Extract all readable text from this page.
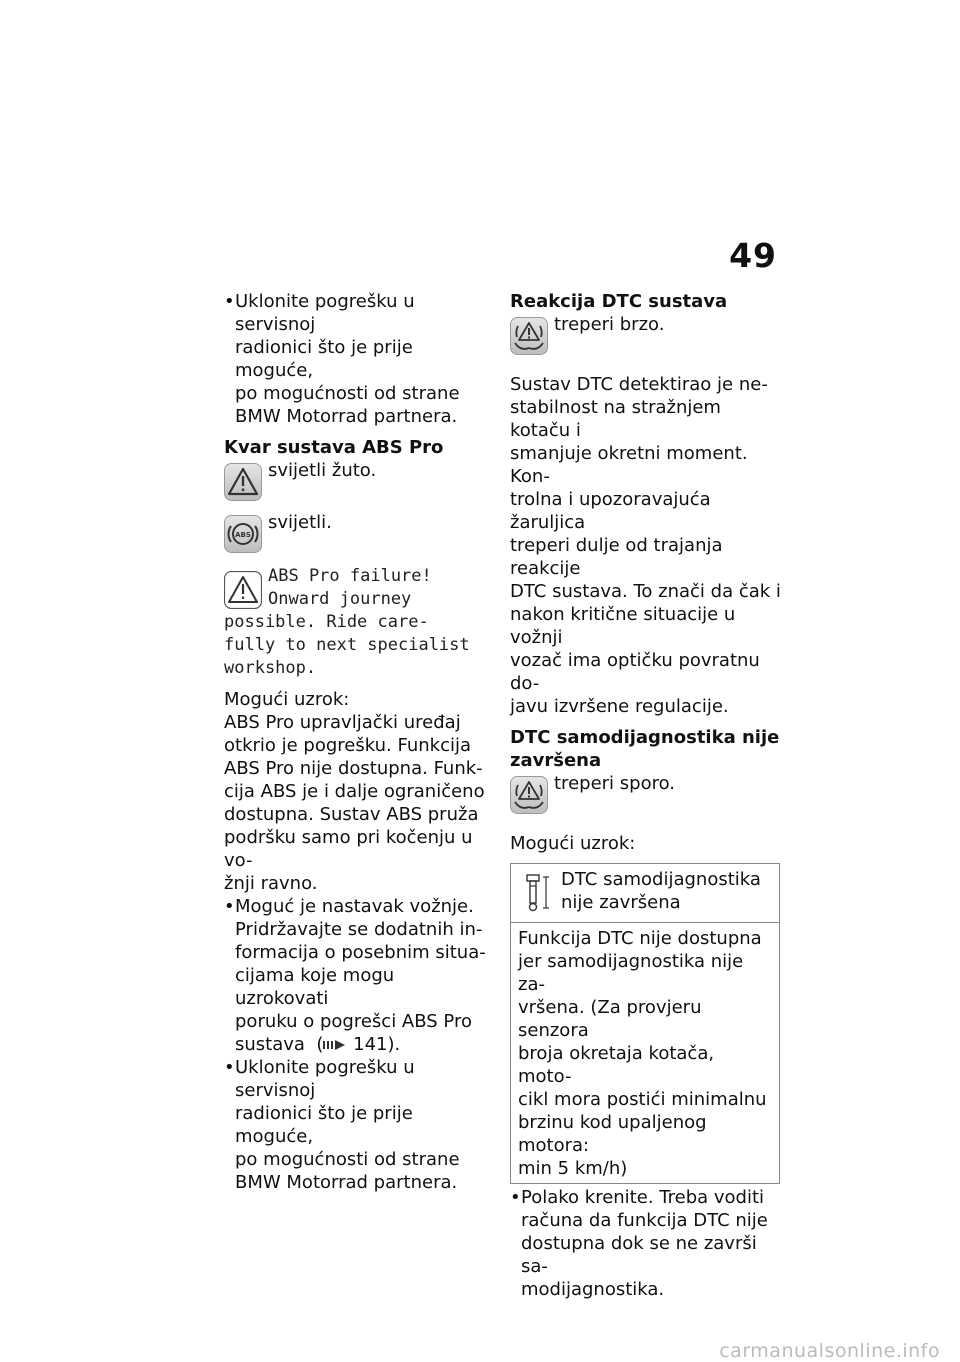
49
• Uklonite pogrešku u servisnoj
radionici što je prije moguće,
po mogućnosti od strane
BMW Motorrad partnera.
Kvar sustava ABS Pro
svijetli žuto.
ABS
svijetli.
ABS Pro failure!
Onward journey
possible. Ride care-
fully to next specialist
workshop.
Mogući uzrok:
ABS Pro upravljački uređaj
otkrio je pogrešku. Funkcija
ABS Pro nije dostupna. Funk-
cija ABS je i dalje ograničeno
dostupna. Sustav ABS pruža
podršku samo pri kočenju u vo-
žnji ravno.
• Moguć je nastavak vožnje.
Pridržavajte se dodatnih in-
formacija o posebnim situa-
cijama koje mogu uzrokovati
poruku o pogrešci ABS Pro
sustava  ( 141).
• Uklonite pogrešku u servisnoj
radionici što je prije moguće,
po mogućnosti od strane
BMW Motorrad partnera.
Reakcija DTC sustava
treperi brzo.
Sustav DTC detektirao je ne-
stabilnost na stražnjem kotaču i
smanjuje okretni moment. Kon-
trolna i upozoravajuća žaruljica
treperi dulje od trajanja reakcije
DTC sustava. To znači da čak i
nakon kritične situacije u vožnji
vozač ima optičku povratnu do-
javu izvršene regulacije.
DTC samodijagnostika nije
završena
treperi sporo.
Mogući uzrok:
DTC samodijagnostika
nije završena
Funkcija DTC nije dostupna
jer samodijagnostika nije za-
vršena. (Za provjeru senzora
broja okretaja kotača, moto-
cikl mora postići minimalnu
brzinu kod upaljenog motora:
min 5 km/h)
• Polako krenite. Treba voditi
računa da funkcija DTC nije
dostupna dok se ne završi sa-
modijagnostika.
carmanualsonline.info
